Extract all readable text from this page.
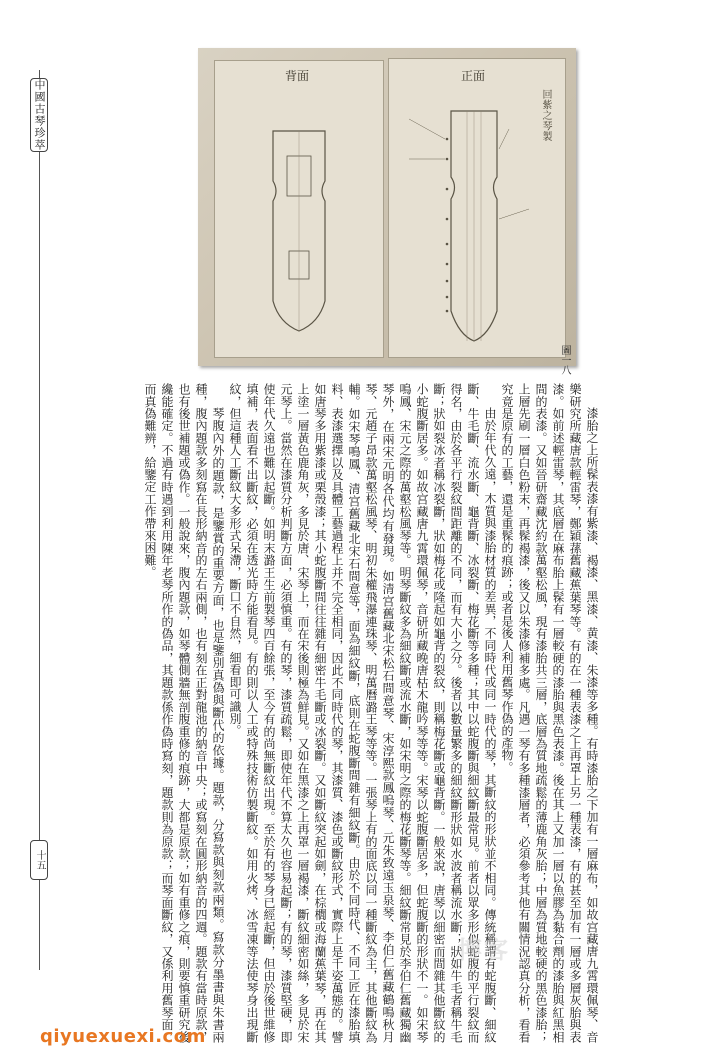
中國古琴珍萃
十五
背面	正面
回紫之琴製
圖一八

漆胎之上所髹表漆有紫漆、褐漆、黑漆、黄漆、朱漆等多種。有時漆胎之下加有一層麻布，如故宫藏唐九霄環佩琴、音樂研究所藏唐款輕雷琴，鄭穎蓀舊藏蕉葉琴等。有的在一種表漆之上再罩上另一種表漆，有的甚至加有一層或多層灰胎與表漆。如前述輕雷琴，其底層在麻布胎上髹有一層較硬的漆胎與黑色表漆。後在其上又加一層以魚膠為黏合劑的漆胎與紅黑相間的表漆。又如晉研齋藏沈約款萬壑松風，現有漆胎共三層，底層為質地疏鬆的薄鹿角灰胎；中層為質地較硬的黑色漆胎；上層先刷一層白色粉末，再髹褐漆，後又以朱漆修補多處。凡遇一琴有多種漆層者，必須參考其他有關情況認真分析，看看究竟是原有的工藝，還是重髹的痕跡；或者是後人利用舊琴作偽的產物。

由於年代久遠，木質與漆胎材質的差異，不同時代或同一時代的琴，其斷紋的形狀並不相同。傳統稱謂有蛇腹斷、細紋斷、牛毛斷、流水斷、龜背斷、冰裂斷、梅花斷等多種；其中以蛇腹斷與細紋斷最常見。前者以眾多形似蛇腹的平行裂紋而得名，由於各平行裂紋間距離的不同，而有大小之分。後者以數量繁多的細紋斷形狀如水波者稱流水斷；狀如牛毛者稱牛毛斷；狀如裂冰者稱冰裂斷，狀如梅花或隆起如龜背的裂紋，則稱梅花斷或龜背斷。一般來說，唐琴以細密而間雜其他斷紋的小蛇腹斷居多。如故宫藏唐九霄環佩琴，音研所藏晚唐枯木龍吟琴等等。宋琴以蛇腹斷居多，但蛇腹斷的形狀不一。如宋琴鳴鳳、宋元之際的萬壑松風琴等。明琴斷紋多為細紋斷或流水斷，如宋明之際的梅花斷琴等。細紋斷常見於李伯仁舊藏獨幽琴外，在兩宋元明各代均有發現。如清宫舊藏北宋松石間意琴、宋淳熙款鳳嗚琴、元朱致遠玉泉琴、李伯仁舊藏鶴鳴秋月琴、元趙子昂款萬壑松風琴、明初朱權飛瀑連珠琴、明萬曆潞王琴等等。一張琴上有的面底以同一種斷紋為主，其他斷紋為輔。如宋琴鳴鳳、清宫舊藏北宋石間意等，面為細紋斷，底則在蛇腹斷間雜有細紋斷。由於不同時代、不同工匠在漆胎填料、表漆選擇以及具體工藝過程上并不完全相同，因此不同時代的琴，其漆質、漆色或斷紋形式，實際上是千姿萬態的。譬如唐琴多用紫漆或栗殼漆；其小蛇腹斷間往往雜有細密牛毛斷或冰裂斷。又如斷紋突起如劍，在棕櫚或海蘭蕉葉琴，再在其上塗一層黃色鹿角灰，多見於唐、宋琴上，而在宋後則極為鮮見。又如在黑漆之上再罩一層褐漆，斷紋細密如絲，多見於宋元琴上。當然在漆質分析判斷方面，必須慎重。有的琴，漆質疏鬆，即使年代不算太久也容易起斷；有的琴，漆質堅硬，即使年代久遠也難以起斷。如明末潞王生前製琴四百餘張，至今有的尚無斷紋出現。至於有的琴身已經起斷，但由於後世維修填補，表面看不出斷紋，必須在透光時方能看見。有的則以人工或特殊技術仿製斷紋。如用火烤、冰雪凍等法使琴身出現斷紋，但這種人工斷紋大多形式呆滯，斷口不自然，細看即可識別。

琴腹內外的題款，是鑒賞的重要方面，也是鑒別真偽與斷代的依據。題款，分寫款與刻款兩類。寫款分墨書與朱書兩種，腹內題款多刻寫在長形納音的左右兩側，也有刻在正對龍池的納音中央；或寫刻在圓形納音的四週。題款有當時原款，也有後世補題或偽作。一般說來，腹內題款，如琴體側牆無剖腹重修的痕跡，大都是原款；如有重修之痕，則要慎重研究後纔能確定。不過有時遇到利用陳年老琴所作的偽品，其題款係作偽時寫刻，題款則為原款；而琴面斷紋，又係利用舊琴面，而真偽難辨，給鑒定工作帶來困難。

博客
qiyuexuexi.com
